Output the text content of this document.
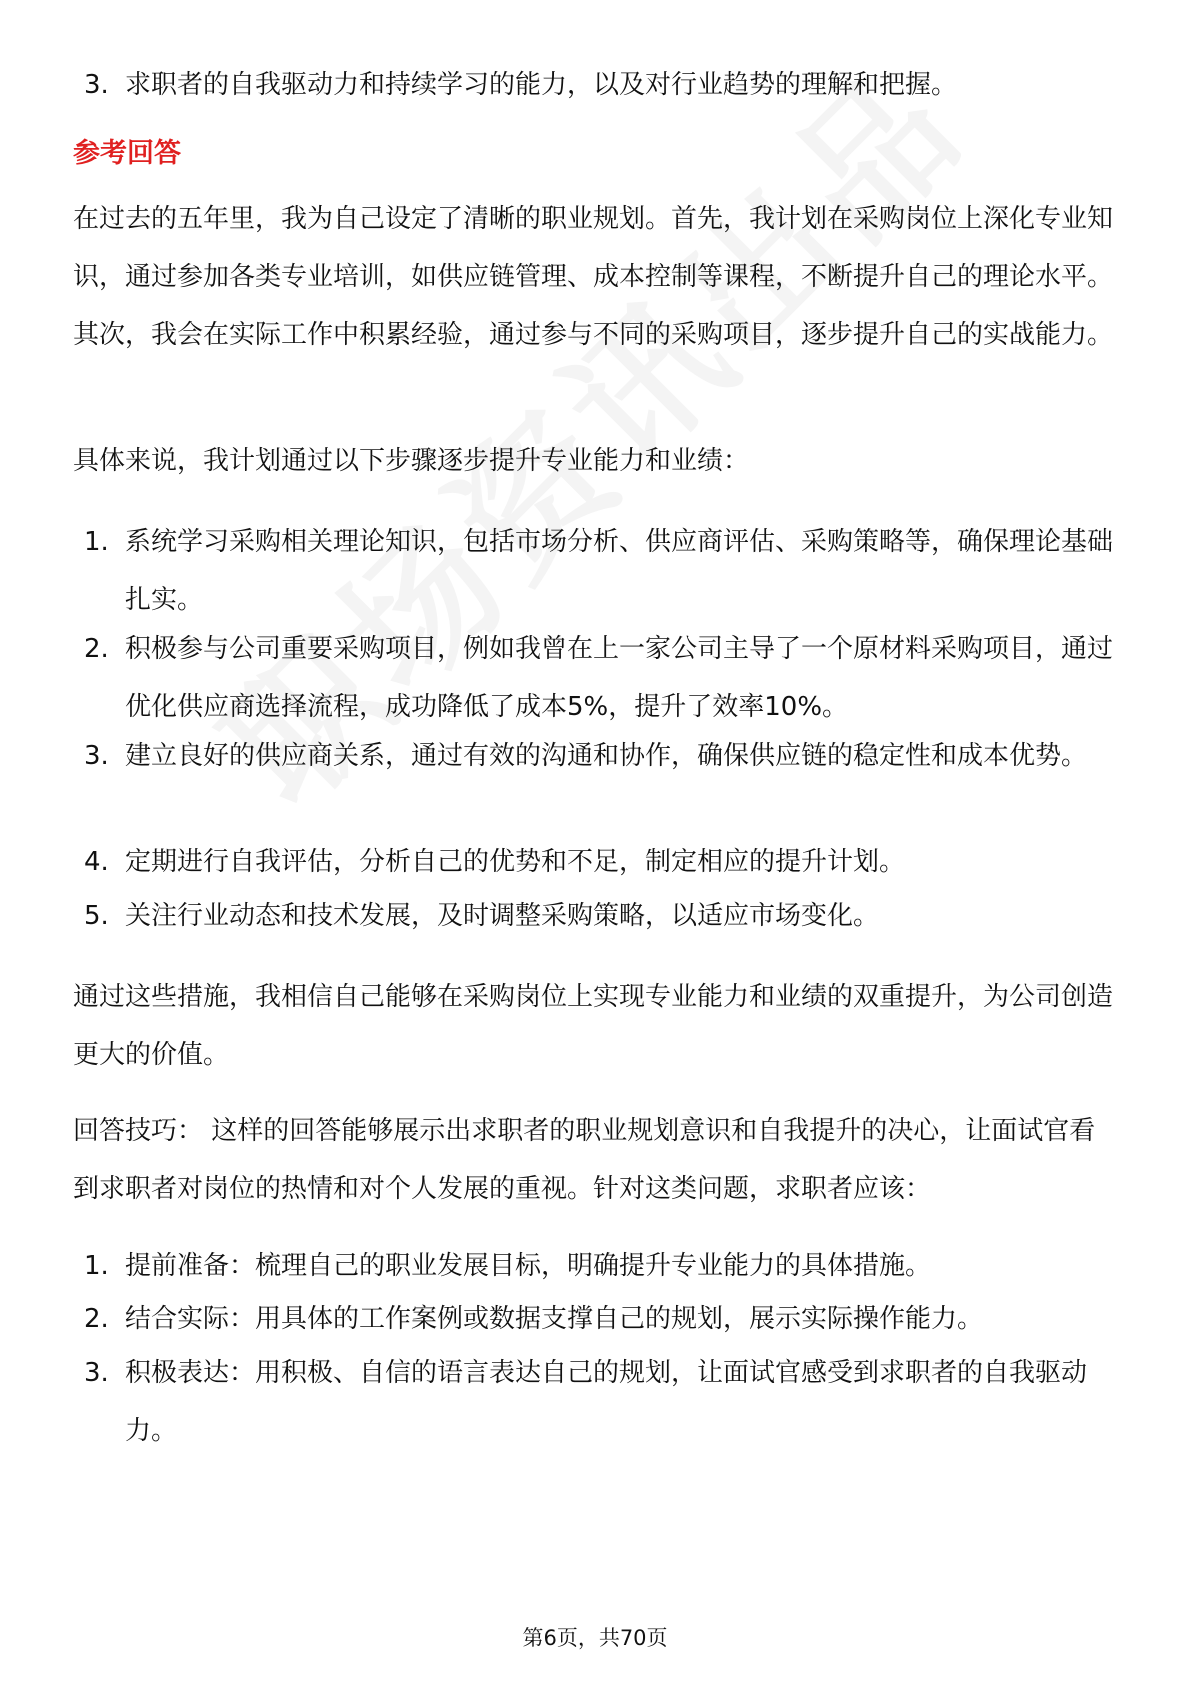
3. 求职者的自我驱动力和持续学习的能力，以及对行业趋势的理解和把握。
参考回答
在过去的五年里，我为自己设定了清晰的职业规划。首先，我计划在采购岗位上深化专业知识，通过参加各类专业培训，如供应链管理、成本控制等课程，不断提升自己的理论水平。其次，我会在实际工作中积累经验，通过参与不同的采购项目，逐步提升自己的实战能力。
具体来说，我计划通过以下步骤逐步提升专业能力和业绩：
1. 系统学习采购相关理论知识，包括市场分析、供应商评估、采购策略等，确保理论基础扎实。
2. 积极参与公司重要采购项目，例如我曾在上一家公司主导了一个原材料采购项目，通过优化供应商选择流程，成功降低了成本5%，提升了效率10%。
3. 建立良好的供应商关系，通过有效的沟通和协作，确保供应链的稳定性和成本优势。
4. 定期进行自我评估，分析自己的优势和不足，制定相应的提升计划。
5. 关注行业动态和技术发展，及时调整采购策略，以适应市场变化。
通过这些措施，我相信自己能够在采购岗位上实现专业能力和业绩的双重提升，为公司创造更大的价值。
回答技巧： 这样的回答能够展示出求职者的职业规划意识和自我提升的决心，让面试官看到求职者对岗位的热情和对个人发展的重视。针对这类问题，求职者应该：
1. 提前准备：梳理自己的职业发展目标，明确提升专业能力的具体措施。
2. 结合实际：用具体的工作案例或数据支撑自己的规划，展示实际操作能力。
3. 积极表达：用积极、自信的语言表达自己的规划，让面试官感受到求职者的自我驱动力。
第6页，共70页
